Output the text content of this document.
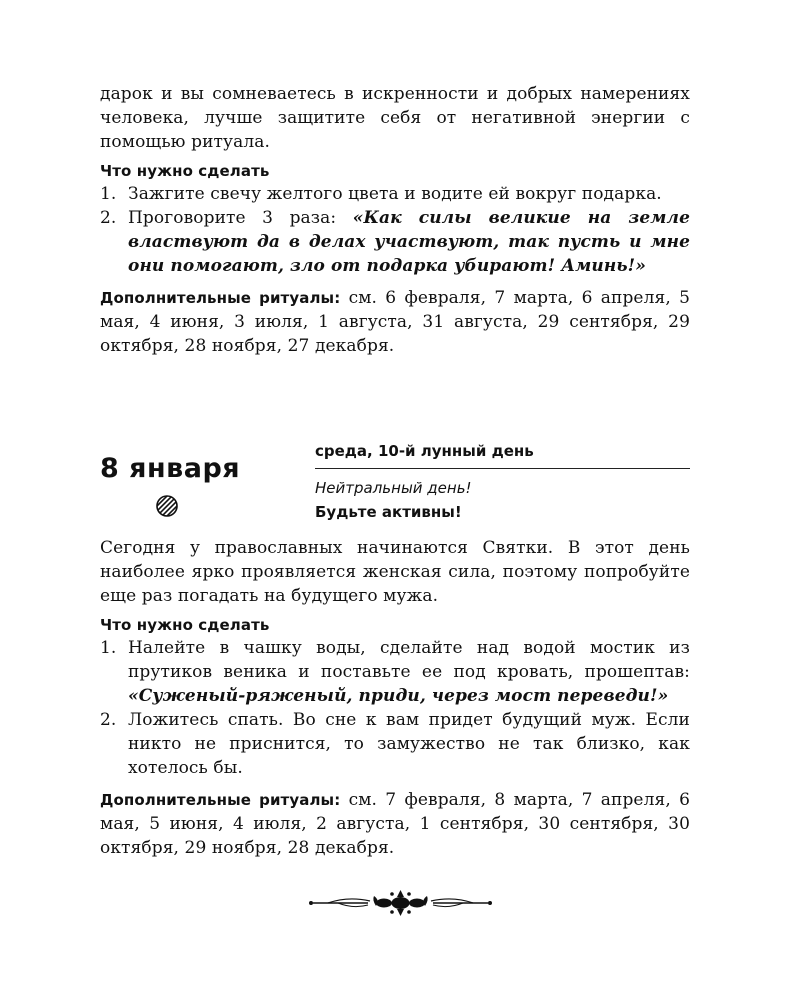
дарок и вы сомневаетесь в искренности и добрых намерениях человека, лучше защитите себя от негативной энергии с помощью ритуала.

Что нужно сделать

1. Зажгите свечу желтого цвета и водите ей вокруг подарка.
2. Проговорите 3 раза: «Как силы великие на земле властвуют да в делах участвуют, так пусть и мне они помогают, зло от подарка убирают! Аминь!»

Дополнительные ритуалы: см. 6 февраля, 7 марта, 6 апреля, 5 мая, 4 июня, 3 июля, 1 августа, 31 августа, 29 сентября, 29 октября, 28 ноября, 27 декабря.

8 января
среда, 10-й лунный день
Нейтральный день!
Будьте активны!

Сегодня у православных начинаются Святки. В этот день наиболее ярко проявляется женская сила, поэтому попробуйте еще раз погадать на будущего мужа.

Что нужно сделать

1. Налейте в чашку воды, сделайте над водой мостик из прутиков веника и поставьте ее под кровать, прошептав: «Суженый-ряженый, приди, через мост переведи!»
2. Ложитесь спать. Во сне к вам придет будущий муж. Если никто не приснится, то замужество не так близко, как хотелось бы.

Дополнительные ритуалы: см. 7 февраля, 8 марта, 7 апреля, 6 мая, 5 июня, 4 июля, 2 августа, 1 сентября, 30 сентября, 30 октября, 29 ноября, 28 декабря.
